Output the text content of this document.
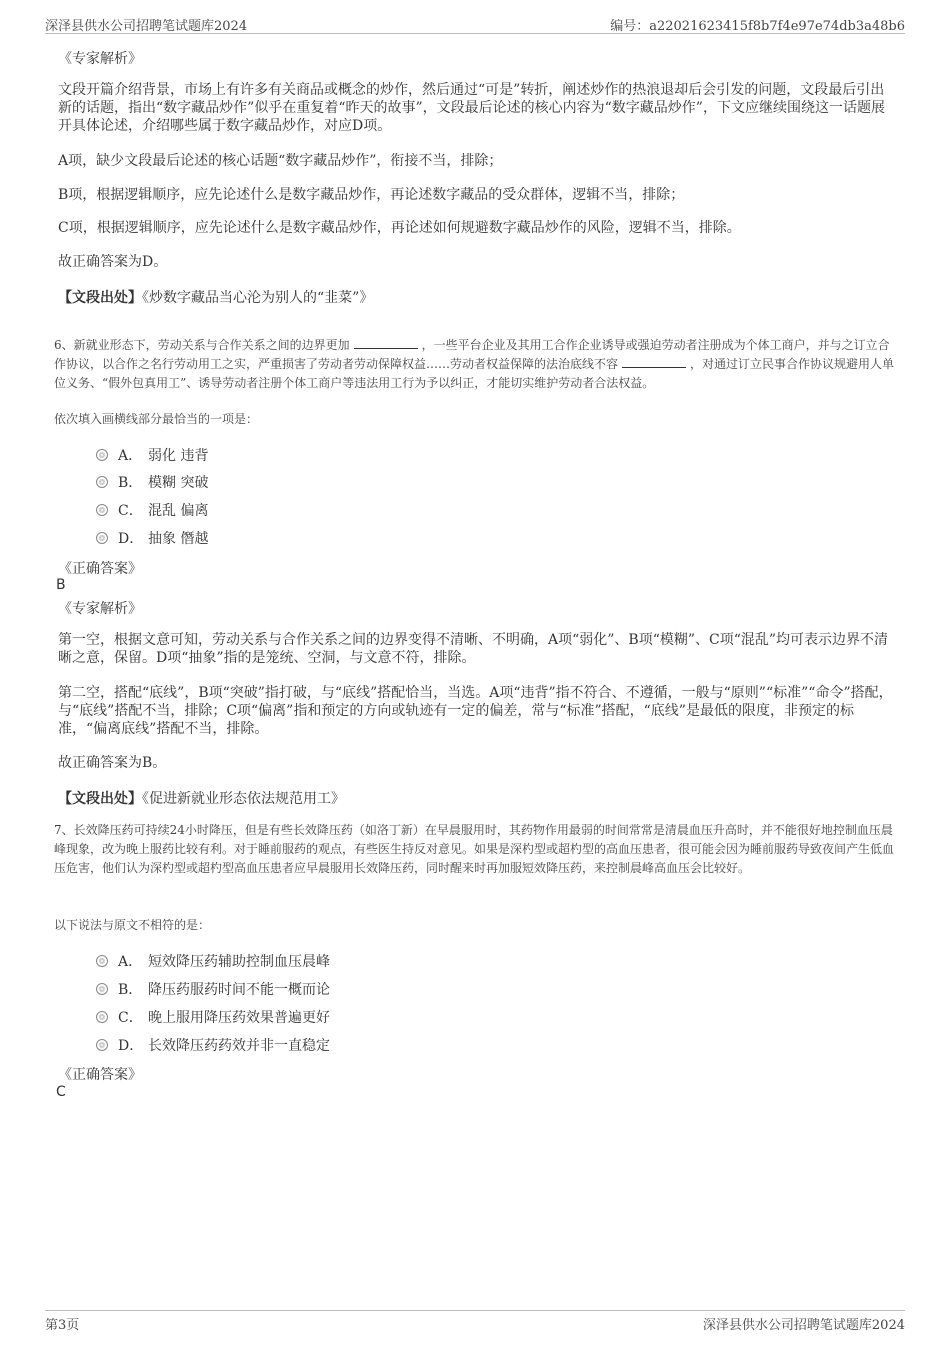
深泽县供水公司招聘笔试题库2024	编号：a22021623415f8b7f4e97e74db3a48b6
《专家解析》
文段开篇介绍背景，市场上有许多有关商品或概念的炒作，然后通过“可是”转折，阐述炒作的热浪退却后会引发的问题，文段最后引出新的话题，指出“数字藏品炒作”似乎在重复着“昨天的故事”，文段最后论述的核心内容为“数字藏品炒作”，下文应继续围绕这一话题展开具体论述，介绍哪些属于数字藏品炒作，对应D项。
A项，缺少文段最后论述的核心话题“数字藏品炒作”，衔接不当，排除；
B项，根据逻辑顺序，应先论述什么是数字藏品炒作，再论述数字藏品的受众群体，逻辑不当，排除；
C项，根据逻辑顺序，应先论述什么是数字藏品炒作，再论述如何规避数字藏品炒作的风险，逻辑不当，排除。
故正确答案为D。
【文段出处】《炒数字藏品当心沦为别人的“韭菜”》
6、新就业形态下，劳动关系与合作关系之间的边界更加	，一些平台企业及其用工合作企业诱导或强迫劳动者注册成为个体工商户，并与之订立合作协议，以合作之名行劳动用工之实，严重损害了劳动者劳动保障权益……劳动者权益保障的法治底线不容	，对通过订立民事合作协议规避用人单位义务、“假外包真用工”、诱导劳动者注册个体工商户等违法用工行为予以纠正，才能切实维护劳动者合法权益。
依次填入画横线部分最恰当的一项是：
A． 弱化 违背
B． 模糊 突破
C． 混乱 偏离
D． 抽象 僭越
《正确答案》
B
《专家解析》
第一空，根据文意可知，劳动关系与合作关系之间的边界变得不清晰、不明确，A项“弱化”、B项“模糊”、C项“混乱”均可表示边界不清晰之意，保留。D项“抽象”指的是笼统、空洞，与文意不符，排除。
第二空，搭配“底线”，B项“突破”指打破，与“底线”搭配恰当，当选。A项“违背”指不符合、不遵循，一般与“原则”“标准”“命令”搭配，与“底线”搭配不当，排除；C项“偏离”指和预定的方向或轨迹有一定的偏差，常与“标准”搭配，“底线”是最低的限度，非预定的标准，“偏离底线”搭配不当，排除。
故正确答案为B。
【文段出处】《促进新就业形态依法规范用工》
7、长效降压药可持续24小时降压，但是有些长效降压药（如洛丁新）在早晨服用时，其药物作用最弱的时间常常是清晨血压升高时，并不能很好地控制血压晨峰现象，改为晚上服药比较有利。对于睡前服药的观点，有些医生持反对意见。如果是深杓型或超杓型的高血压患者，很可能会因为睡前服药导致夜间产生低血压危害，他们认为深杓型或超杓型高血压患者应早晨服用长效降压药，同时醒来时再加服短效降压药，来控制晨峰高血压会比较好。
以下说法与原文不相符的是：
A． 短效降压药辅助控制血压晨峰
B． 降压药服药时间不能一概而论
C． 晚上服用降压药效果普遍更好
D． 长效降压药药效并非一直稳定
《正确答案》
C
第3页	深泽县供水公司招聘笔试题库2024
